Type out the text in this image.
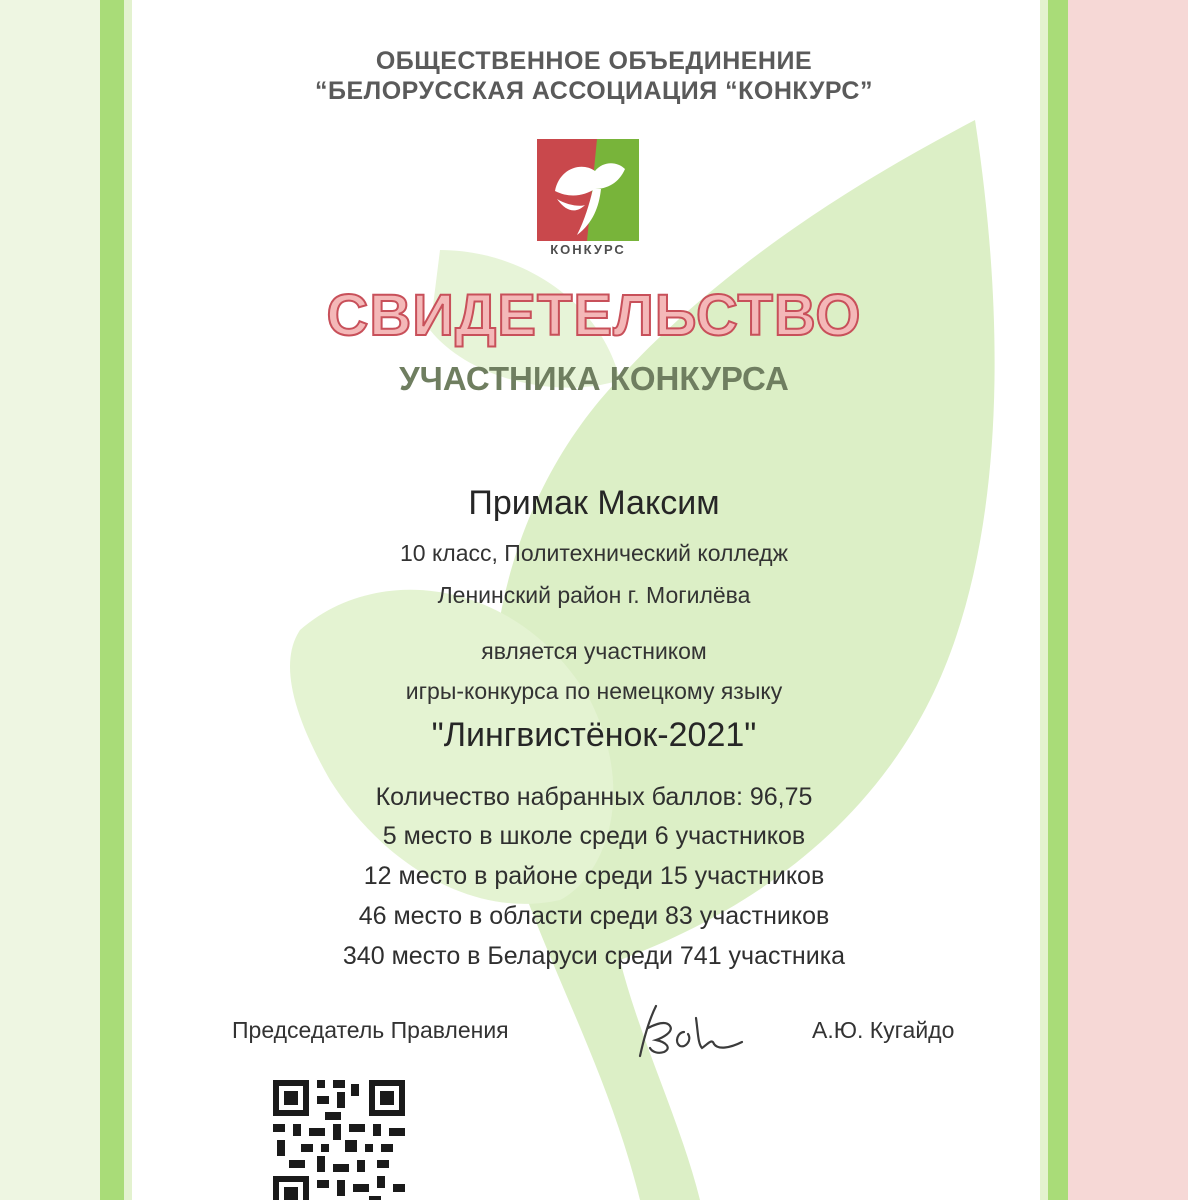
ОБЩЕСТВЕННОЕ ОБЪЕДИНЕНИЕ
“БЕЛОРУССКАЯ АССОЦИАЦИЯ “КОНКУРС”
КОНКУРС
СВИДЕТЕЛЬСТВО
УЧАСТНИКА КОНКУРСА
Примак Максим
10 класс, Политехнический колледж
Ленинский район г. Могилёва
является участником
игры-конкурса по немецкому языку
"Лингвистёнок-2021"
Количество набранных баллов: 96,75
5 место в школе среди 6 участников
12 место в районе среди 15 участников
46 место в области среди 83 участников
340 место в Беларуси среди 741 участника
Председатель Правления	А.Ю. Кугайдо
